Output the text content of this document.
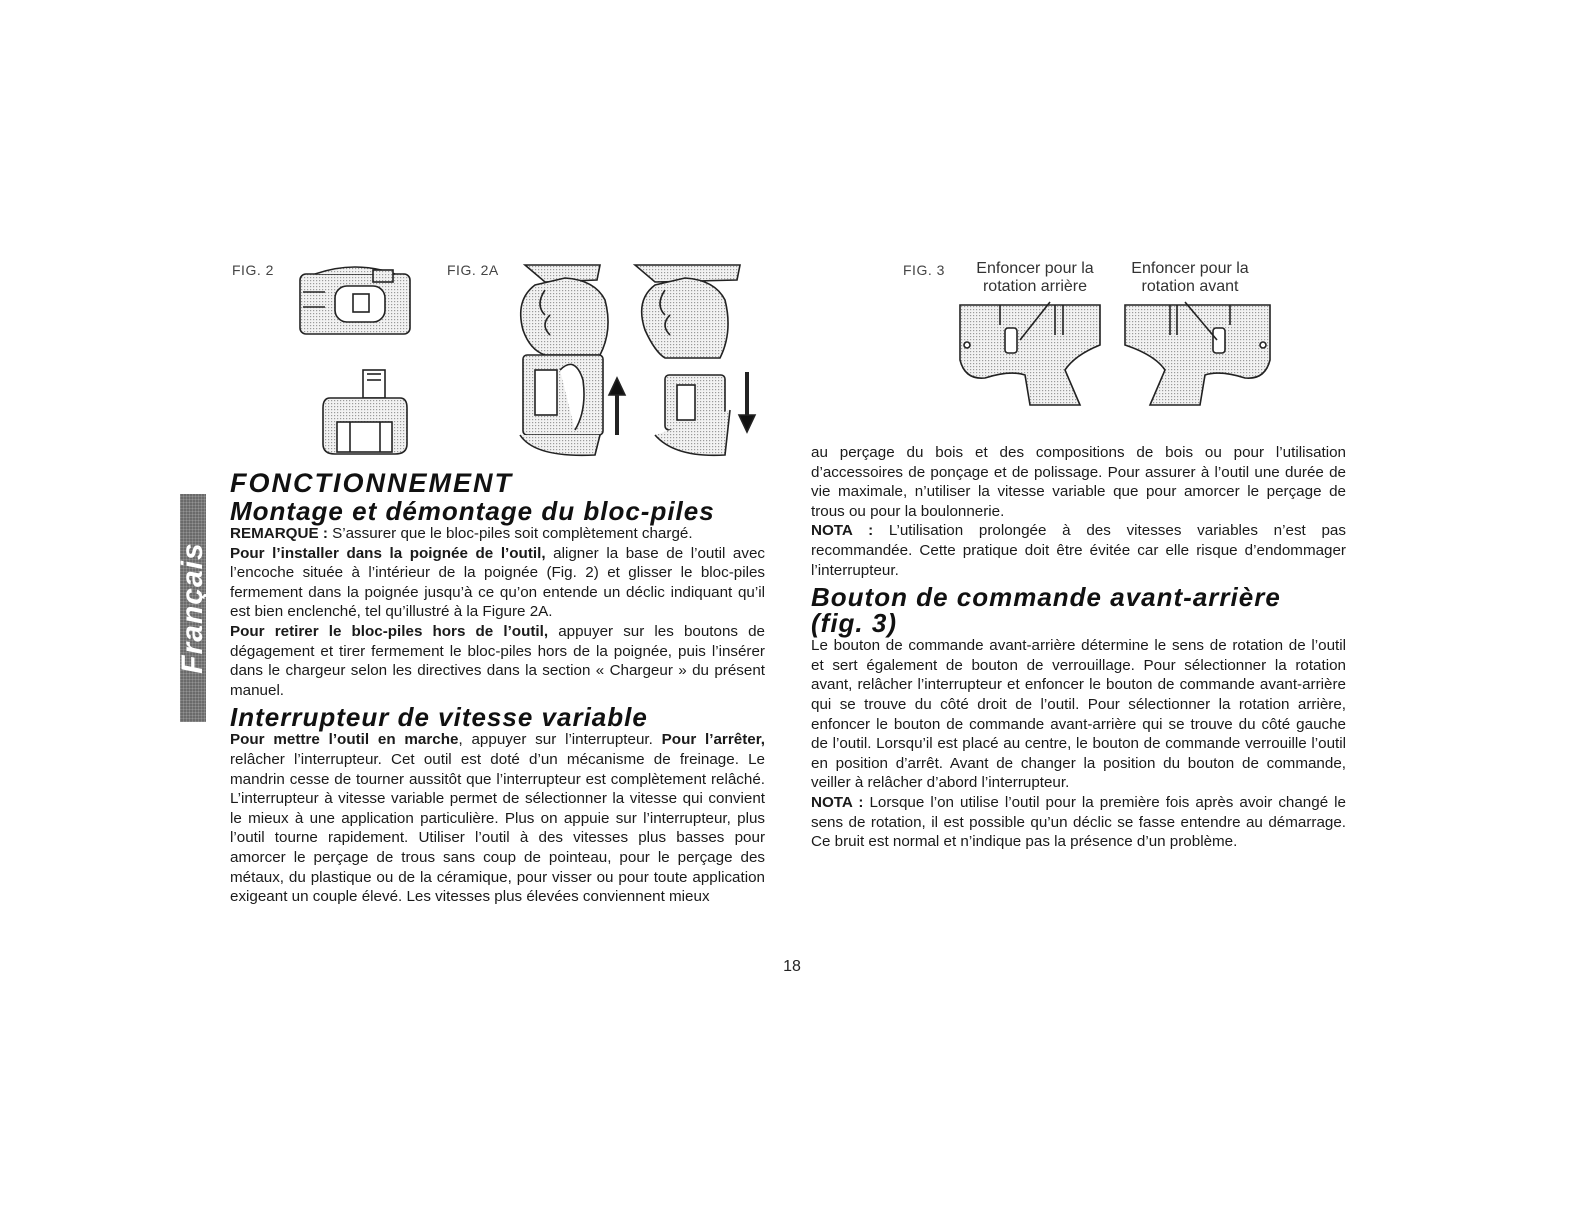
FIG. 2	FIG. 2A	FIG. 3	Enfoncer pour la rotation arrière
Enfoncer pour la rotation avant
Français
FONCTIONNEMENT
Montage et démontage du bloc-piles

REMARQUE : S’assurer que le bloc-piles soit complètement chargé.

Pour l’installer dans la poignée de l’outil, aligner la base de l’outil avec l’encoche située à l’intérieur de la poignée (Fig. 2) et glisser le bloc-piles fermement dans la poignée jusqu’à ce qu’on entende un déclic indiquant qu’il est bien enclenché, tel qu’illustré à la Figure 2A.

Pour retirer le bloc-piles hors de l’outil, appuyer sur les boutons de dégagement et tirer fermement le bloc-piles hors de la poignée, puis l’insérer dans le chargeur selon les directives dans la section « Chargeur » du présent manuel.

Interrupteur de vitesse variable

Pour mettre l’outil en marche, appuyer sur l’interrupteur. Pour l’arrêter, relâcher l’interrupteur. Cet outil est doté d’un mécanisme de freinage. Le mandrin cesse de tourner aussitôt que l’interrupteur est complètement relâché. L’interrupteur à vitesse variable permet de sélectionner la vitesse qui convient le mieux à une application particulière. Plus on appuie sur l’interrupteur, plus l’outil tourne rapidement. Utiliser l’outil à des vitesses plus basses pour amorcer le perçage de trous sans coup de pointeau, pour le perçage des métaux, du plastique ou de la céramique, pour visser ou pour toute application exigeant un couple élevé. Les vitesses plus élevées conviennent mieux

au perçage du bois et des compositions de bois ou pour l’utilisation d’accessoires de ponçage et de polissage. Pour assurer à l’outil une durée de vie maximale, n’utiliser la vitesse variable que pour amorcer le perçage de trous ou pour la boulonnerie.

NOTA : L’utilisation prolongée à des vitesses variables n’est pas recommandée. Cette pratique doit être évitée car elle risque d’endommager l’interrupteur.

Bouton de commande avant-arrière
(fig. 3)

Le bouton de commande avant-arrière détermine le sens de rotation de l’outil et sert également de bouton de verrouillage. Pour sélectionner la rotation avant, relâcher l’interrupteur et enfoncer le bouton de commande avant-arrière qui se trouve du côté droit de l’outil. Pour sélectionner la rotation arrière, enfoncer le bouton de commande avant-arrière qui se trouve du côté gauche de l’outil. Lorsqu’il est placé au centre, le bouton de commande verrouille l’outil en position d’arrêt. Avant de changer la position du bouton de commande, veiller à relâcher d’abord l’interrupteur.

NOTA : Lorsque l’on utilise l’outil pour la première fois après avoir changé le sens de rotation, il est possible qu’un déclic se fasse entendre au démarrage. Ce bruit est normal et n’indique pas la présence d’un problème.

18
